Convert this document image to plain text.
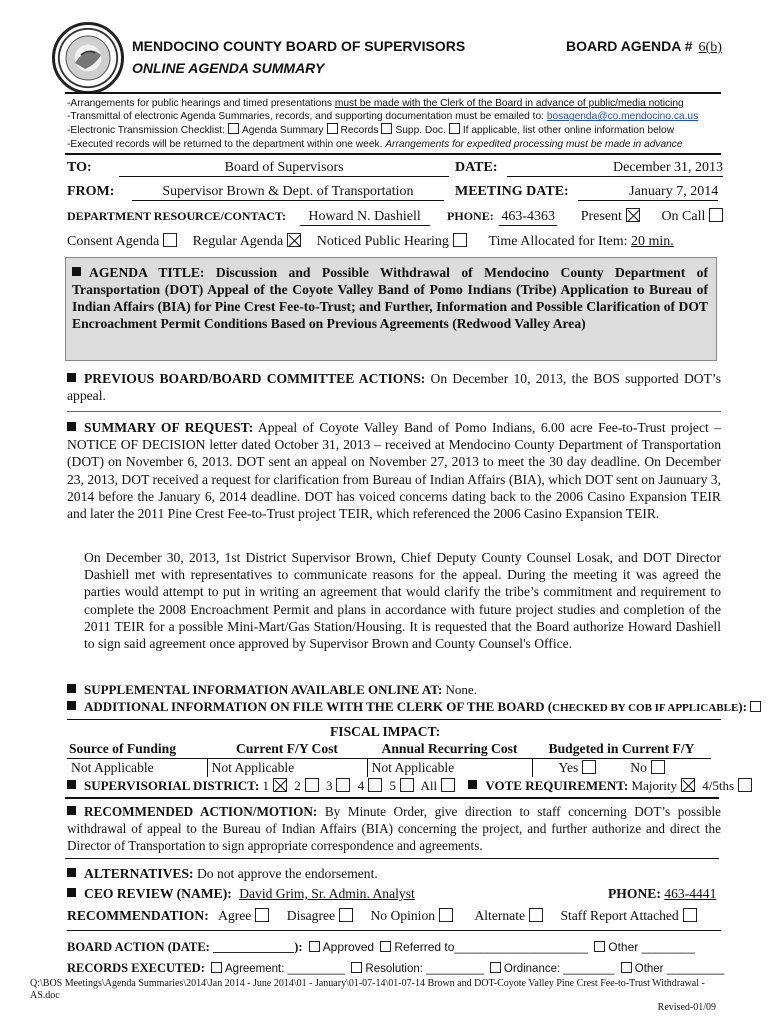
MENDOCINO COUNTY BOARD OF SUPERVISORS
ONLINE AGENDA SUMMARY
BOARD AGENDA # 6(b)
-Arrangements for public hearings and timed presentations must be made with the Clerk of the Board in advance of public/media noticing
-Transmittal of electronic Agenda Summaries, records, and supporting documentation must be emailed to: bosagenda@co.mendocino.ca.us
-Electronic Transmission Checklist: Agenda Summary Records Supp. Doc. If applicable, list other online information below
-Executed records will be returned to the department within one week. Arrangements for expedited processing must be made in advance
TO:	Board of Supervisors	DATE:	December 31, 2013
FROM:	Supervisor Brown & Dept. of Transportation	MEETING DATE:	January 7, 2014
DEPARTMENT RESOURCE/CONTACT: Howard N. Dashiell PHONE: 463-4363 Present	On Call
Consent Agenda Regular Agenda Noticed Public Hearing	Time Allocated for Item: 20 min.
AGENDA TITLE: Discussion and Possible Withdrawal of Mendocino County Department of Transportation (DOT) Appeal of the Coyote Valley Band of Pomo Indians (Tribe) Application to Bureau of Indian Affairs (BIA) for Pine Crest Fee-to-Trust; and Further, Information and Possible Clarification of DOT Encroachment Permit Conditions Based on Previous Agreements (Redwood Valley Area)
PREVIOUS BOARD/BOARD COMMITTEE ACTIONS: On December 10, 2013, the BOS supported DOT’s appeal.
SUMMARY OF REQUEST: Appeal of Coyote Valley Band of Pomo Indians, 6.00 acre Fee-to-Trust project – NOTICE OF DECISION letter dated October 31, 2013 – received at Mendocino County Department of Transportation (DOT) on November 6, 2013. DOT sent an appeal on November 27, 2013 to meet the 30 day deadline. On December 23, 2013, DOT received a request for clarification from Bureau of Indian Affairs (BIA), which DOT sent on Jaunuary 3, 2014 before the January 6, 2014 deadline. DOT has voiced concerns dating back to the 2006 Casino Expansion TEIR and later the 2011 Pine Crest Fee-to-Trust project TEIR, which referenced the 2006 Casino Expansion TEIR.
On December 30, 2013, 1st District Supervisor Brown, Chief Deputy County Counsel Losak, and DOT Director Dashiell met with representatives to communicate reasons for the appeal. During the meeting it was agreed the parties would attempt to put in writing an agreement that would clarify the tribe’s commitment and requirement to complete the 2008 Encroachment Permit and plans in accordance with future project studies and completion of the 2011 TEIR for a possible Mini-Mart/Gas Station/Housing. It is requested that the Board authorize Howard Dashiell to sign said agreement once approved by Supervisor Brown and County Counsel's Office.
SUPPLEMENTAL INFORMATION AVAILABLE ONLINE AT: None.
ADDITIONAL INFORMATION ON FILE WITH THE CLERK OF THE BOARD (CHECKED BY COB IF APPLICABLE):
FISCAL IMPACT:
Source of Funding	Current F/Y Cost	Annual Recurring Cost	Budgeted in Current F/Y
Not Applicable	Not Applicable	Not Applicable	Yes No
SUPERVISORIAL DISTRICT: 1 2 3 4 5 All	VOTE REQUIREMENT: Majority 4/5ths
RECOMMENDED ACTION/MOTION: By Minute Order, give direction to staff concerning DOT’s possible withdrawal of appeal to the Bureau of Indian Affairs (BIA) concerning the project, and further authorize and direct the Director of Transportation to sign appropriate correspondence and agreements.
ALTERNATIVES: Do not approve the endorsement.
CEO REVIEW (NAME): David Grim, Sr. Admin. Analyst	PHONE: 463-4441
RECOMMENDATION: Agree	Disagree	No Opinion	Alternate	Staff Report Attached
BOARD ACTION (DATE: _____________): Approved Referred to____________________ Other ________
RECORDS EXECUTED: Agreement: _________ Resolution: _________ Ordinance: ________ Other _________
Q:\BOS Meetings\Agenda Summaries\2014\Jan 2014 - June 2014\01 - January\01-07-14\01-07-14 Brown and DOT-Coyote Valley Pine Crest Fee-to-Trust Withdrawal - AS.doc
Revised-01/09
